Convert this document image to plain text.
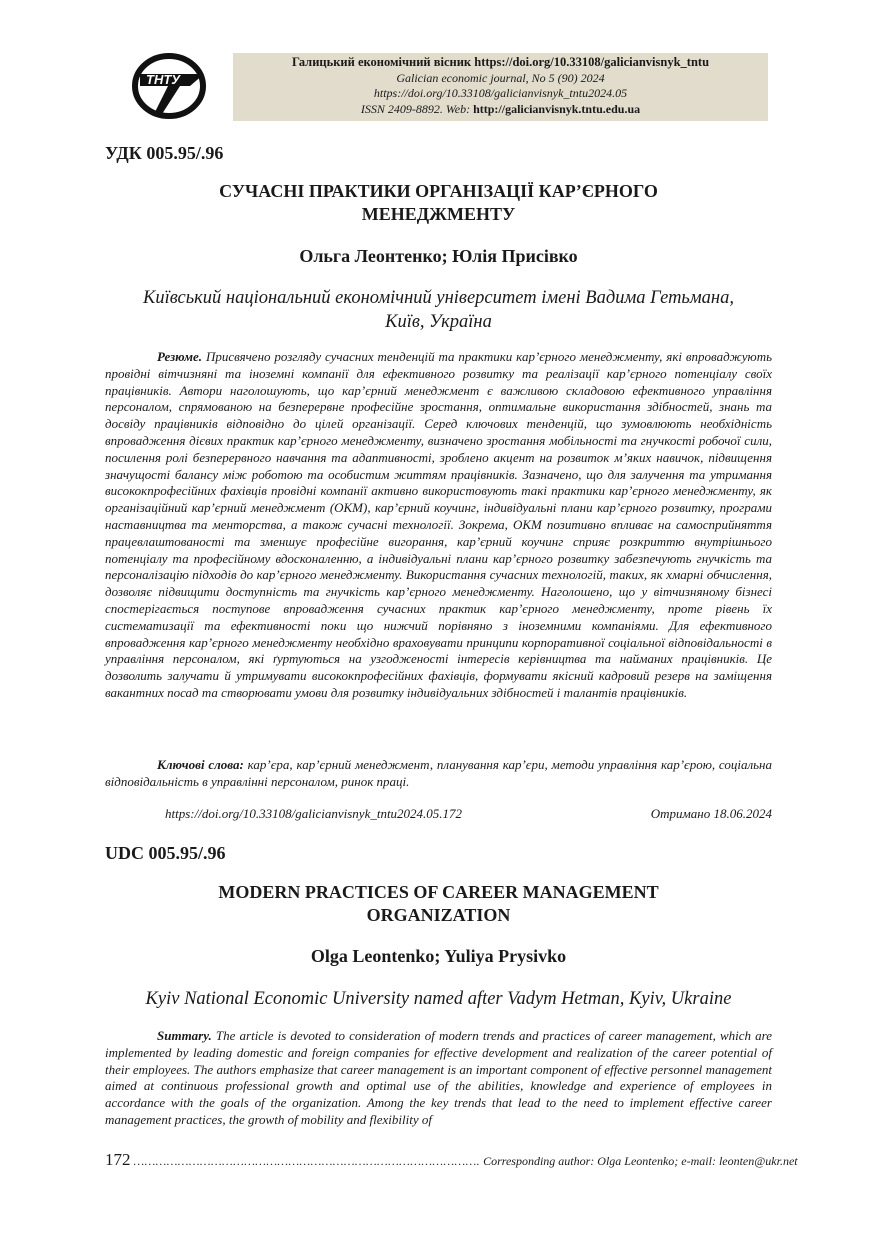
ТНТУ
Галицький економічний вісник https://doi.org/10.33108/galicianvisnyk_tntu
Galician economic journal, No 5 (90) 2024
https://doi.org/10.33108/galicianvisnyk_tntu2024.05
ISSN 2409-8892. Web: http://galicianvisnyk.tntu.edu.ua
УДК 005.95/.96
СУЧАСНІ ПРАКТИКИ ОРГАНІЗАЦІЇ КАР’ЄРНОГО
МЕНЕДЖМЕНТУ
Ольга Леонтенко; Юлія Присівко
Київський національний економічний університет імені Вадима Гетьмана,
Київ, Україна
Резюме. Присвячено розгляду сучасних тенденцій та практики кар’єрного менеджменту, які впроваджують провідні вітчизняні та іноземні компанії для ефективного розвитку та реалізації кар’єрного потенціалу своїх працівників. Автори наголошують, що кар’єрний менеджмент є важливою складовою ефективного управління персоналом, спрямованою на безперервне професійне зростання, оптимальне використання здібностей, знань та досвіду працівників відповідно до цілей організації. Серед ключових тенденцій, що зумовлюють необхідність впровадження дієвих практик кар’єрного менеджменту, визначено зростання мобільності та гнучкості робочої сили, посилення ролі безперервного навчання та адаптивності, зроблено акцент на розвиток м’яких навичок, підвищення значущості балансу між роботою та особистим життям працівників. Зазначено, що для залучення та утримання висококпрофесійних фахівців провідні компанії активно використовують такі практики кар’єрного менеджменту, як організаційний кар’єрний менеджмент (ОКМ), кар’єрний коучинг, індивідуальні плани кар’єрного розвитку, програми наставництва та менторства, а також сучасні технології. Зокрема, ОКМ позитивно впливає на самосприйняття працевлаштованості та зменшує професійне вигорання, кар’єрний коучинг сприяє розкриттю внутрішнього потенціалу та професійному вдосконаленню, а індивідуальні плани кар’єрного розвитку забезпечують гнучкість та персоналізацію підходів до кар’єрного менеджменту. Використання сучасних технологій, таких, як хмарні обчислення, дозволяє підвищити доступність та гнучкість кар’єрного менеджменту. Наголошено, що у вітчизняному бізнесі спостерігається поступове впровадження сучасних практик кар’єрного менеджменту, проте рівень їх систематизації та ефективності поки що нижчий порівняно з іноземними компаніями. Для ефективного впровадження кар’єрного менеджменту необхідно враховувати принципи корпоративної соціальної відповідальності в управління персоналом, які ґуртуються на узгодженості інтересів керівництва та найманих працівників. Це дозволить залучати й утримувати висококпрофесійних фахівців, формувати якісний кадровий резерв на заміщення вакантних посад та створювати умови для розвитку індивідуальних здібностей і талантів працівників.
Ключові слова: кар’єра, кар’єрний менеджмент, планування кар’єри, методи управління кар’єрою, соціальна відповідальність в управлінні персоналом, ринок праці.
https://doi.org/10.33108/galicianvisnyk_tntu2024.05.172	Отримано 18.06.2024
UDC 005.95/.96
MODERN PRACTICES OF CAREER MANAGEMENT
ORGANIZATION
Olga Leontenko; Yuliya Prysivko
Kyiv National Economic University named after Vadym Hetman, Kyiv, Ukraine
Summary. The article is devoted to consideration of modern trends and practices of career management, which are implemented by leading domestic and foreign companies for effective development and realization of the career potential of their employees. The authors emphasize that career management is an important component of effective personnel management aimed at continuous professional growth and optimal use of the abilities, knowledge and experience of employees in accordance with the goals of the organization. Among the key trends that lead to the need to implement effective career management practices, the growth of mobility and flexibility of
172 …………………………………………………………………………………. Corresponding author: Olga Leontenko; e-mail: leonten@ukr.net
